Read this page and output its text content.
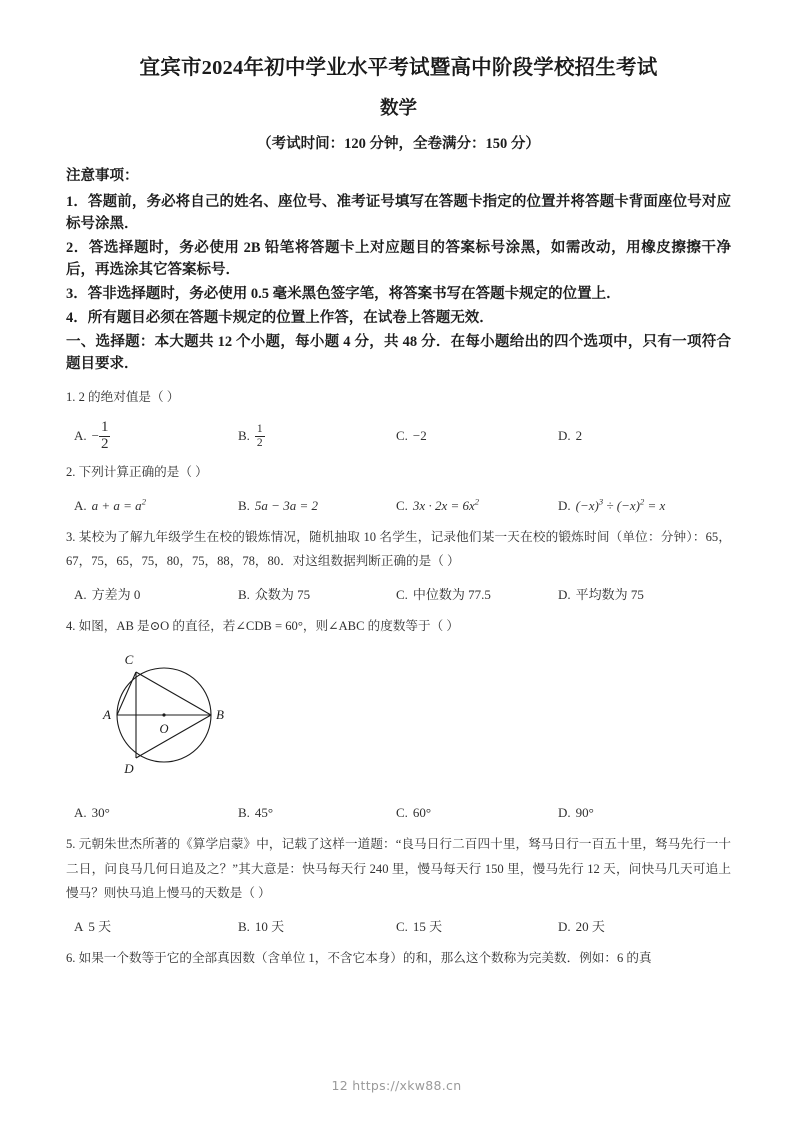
宜宾市2024年初中学业水平考试暨高中阶段学校招生考试
数学
（考试时间：120 分钟，全卷满分：150 分）
注意事项：
1．答题前，务必将自己的姓名、座位号、准考证号填写在答题卡指定的位置并将答题卡背面座位号对应标号涂黑．
2．答选择题时，务必使用 2B 铅笔将答题卡上对应题目的答案标号涂黑，如需改动，用橡皮擦擦干净后，再选涂其它答案标号．
3．答非选择题时，务必使用 0.5 毫米黑色签字笔，将答案书写在答题卡规定的位置上．
4．所有题目必须在答题卡规定的位置上作答，在试卷上答题无效．
一、选择题：本大题共 12 个小题，每小题 4 分，共 48 分．在每小题给出的四个选项中，只有一项符合题目要求．
1. 2 的绝对值是（ ）
A. − $\frac{1}{2}$	B. $\frac{1}{2}$	C. −2	D. 2
2. 下列计算正确的是（ ）
A. $a + a = a^2$	B. 5a − 3a = 2	C. $3x \cdot 2x = 6x^2$	D. $(-x)^3 \div (-x)^2 = x$
3. 某校为了解九年级学生在校的锻炼情况，随机抽取 10 名学生，记录他们某一天在校的锻炼时间（单位：分钟）：65，67，75，65，75，80，75，88，78，80．对这组数据判断正确的是（ ）
A. 方差为 0	B. 众数为 75	C. 中位数为 77.5	D. 平均数为 75
4. 如图，AB 是⊙O 的直径，若∠CDB = 60°，则∠ABC 的度数等于（ ）
C
D
A	B
O
A. 30°	B. 45°	C. 60°	D. 90°
5. 元朝朱世杰所著的《算学启蒙》中，记载了这样一道题：“良马日行二百四十里，驽马日行一百五十里，驽马先行一十二日，问良马几何日追及之？”其大意是：快马每天行 240 里，慢马每天行 150 里，慢马先行 12 天，问快马几天可追上慢马？则快马追上慢马的天数是（ ）
A 5 天	B. 10 天	C. 15 天	D. 20 天
6. 如果一个数等于它的全部真因数（含单位 1，不含它本身）的和，那么这个数称为完美数．例如：6 的真
12 https://xkw88.cn
